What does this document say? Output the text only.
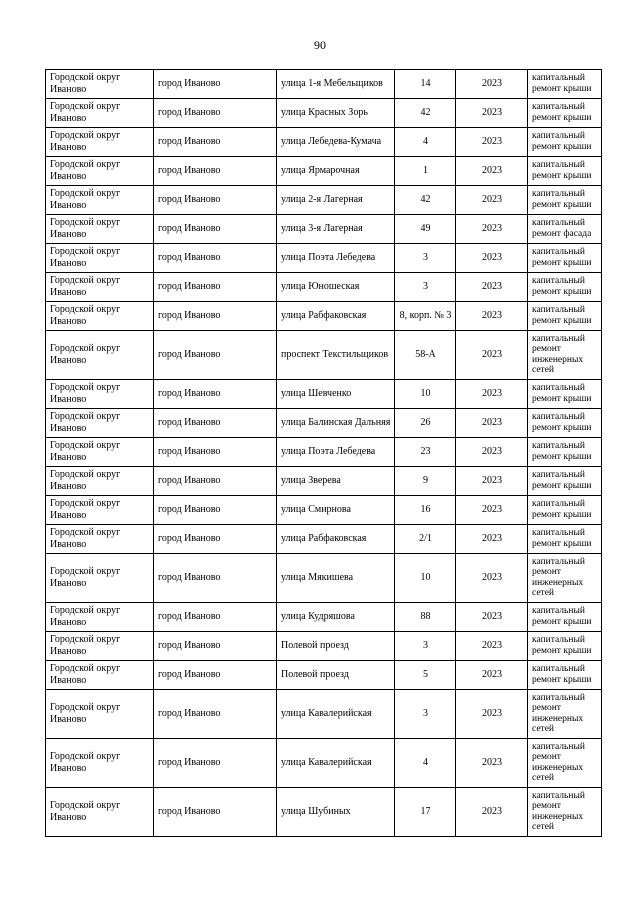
90
Городской округ Иваново	город Иваново	улица 1-я Мебельщиков	14	2023	капитальный ремонт крыши
Городской округ Иваново	город Иваново	улица Красных Зорь	42	2023	капитальный ремонт крыши
Городской округ Иваново	город Иваново	улица Лебедева-Кумача	4	2023	капитальный ремонт крыши
Городской округ Иваново	город Иваново	улица Ярмарочная	1	2023	капитальный ремонт крыши
Городской округ Иваново	город Иваново	улица 2-я Лагерная	42	2023	капитальный ремонт крыши
Городской округ Иваново	город Иваново	улица 3-я Лагерная	49	2023	капитальный ремонт фасада
Городской округ Иваново	город Иваново	улица Поэта Лебедева	3	2023	капитальный ремонт крыши
Городской округ Иваново	город Иваново	улица Юношеская	3	2023	капитальный ремонт крыши
Городской округ Иваново	город Иваново	улица Рабфаковская	8, корп. № 3	2023	капитальный ремонт крыши
Городской округ Иваново	город Иваново	проспект Текстильщиков	58-А	2023	капитальный ремонт инженерных сетей
Городской округ Иваново	город Иваново	улица Шевченко	10	2023	капитальный ремонт крыши
Городской округ Иваново	город Иваново	улица Балинская Дальняя	26	2023	капитальный ремонт крыши
Городской округ Иваново	город Иваново	улица Поэта Лебедева	23	2023	капитальный ремонт крыши
Городской округ Иваново	город Иваново	улица Зверева	9	2023	капитальный ремонт крыши
Городской округ Иваново	город Иваново	улица Смирнова	16	2023	капитальный ремонт крыши
Городской округ Иваново	город Иваново	улица Рабфаковская	2/1	2023	капитальный ремонт крыши
Городской округ Иваново	город Иваново	улица Мякишева	10	2023	капитальный ремонт инженерных сетей
Городской округ Иваново	город Иваново	улица Кудряшова	88	2023	капитальный ремонт крыши
Городской округ Иваново	город Иваново	Полевой проезд	3	2023	капитальный ремонт крыши
Городской округ Иваново	город Иваново	Полевой проезд	5	2023	капитальный ремонт крыши
Городской округ Иваново	город Иваново	улица Кавалерийская	3	2023	капитальный ремонт инженерных сетей
Городской округ Иваново	город Иваново	улица Кавалерийская	4	2023	капитальный ремонт инженерных сетей
Городской округ Иваново	город Иваново	улица Шубиных	17	2023	капитальный ремонт инженерных сетей
